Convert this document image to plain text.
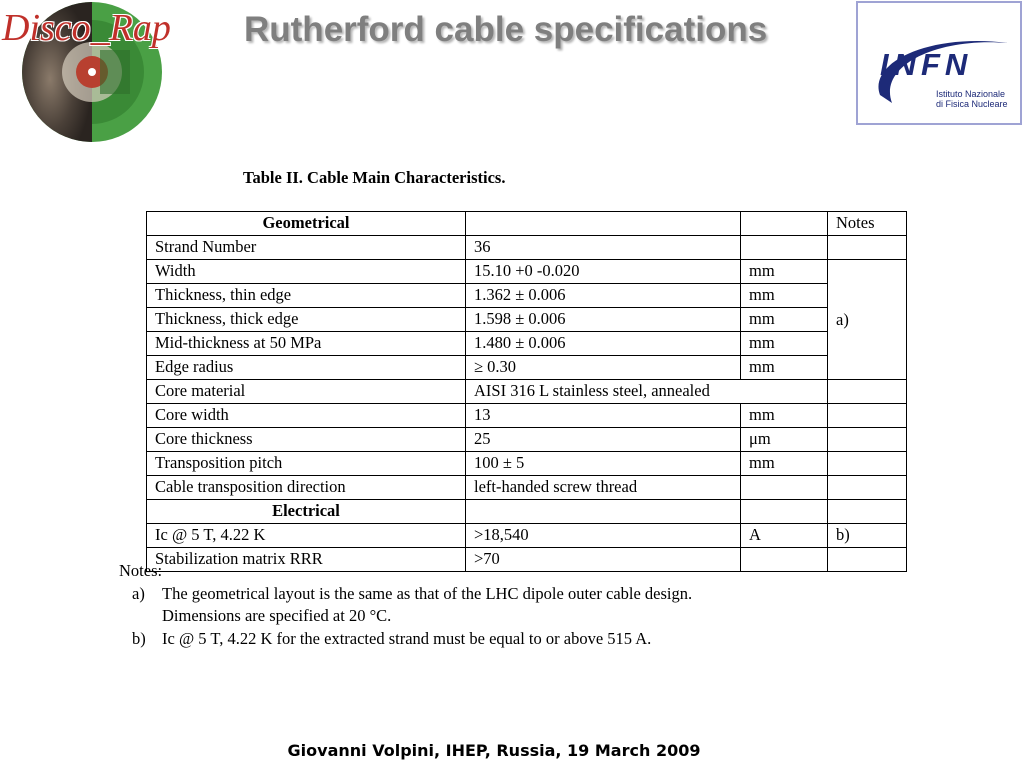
Disco_Rap Rutherford cable specifications
INFN
Istituto Nazionale
di Fisica Nucleare
Table II. Cable Main Characteristics.
Geometrical			Notes
Strand Number	36		
Width	15.10 +0 -0.020	mm	a)
Thickness, thin edge	1.362 ± 0.006	mm	
Thickness, thick edge	1.598 ± 0.006	mm	
Mid-thickness at 50 MPa	1.480 ± 0.006	mm	
Edge radius	≥ 0.30	mm	
Core material	AISI 316 L stainless steel, annealed		
Core width	13	mm	
Core thickness	25	μm	
Transposition pitch	100 ± 5	mm	
Cable transposition direction	left-handed screw thread		
Electrical			
Ic @ 5 T, 4.22 K	>18,540	A	b)
Stabilization matrix RRR	>70		
Notes:
a) The geometrical layout is the same as that of the LHC dipole outer cable design.
Dimensions are specified at 20 °C.
b) Ic @ 5 T, 4.22 K for the extracted strand must be equal to or above 515 A.
Giovanni Volpini, IHEP, Russia, 19 March 2009
